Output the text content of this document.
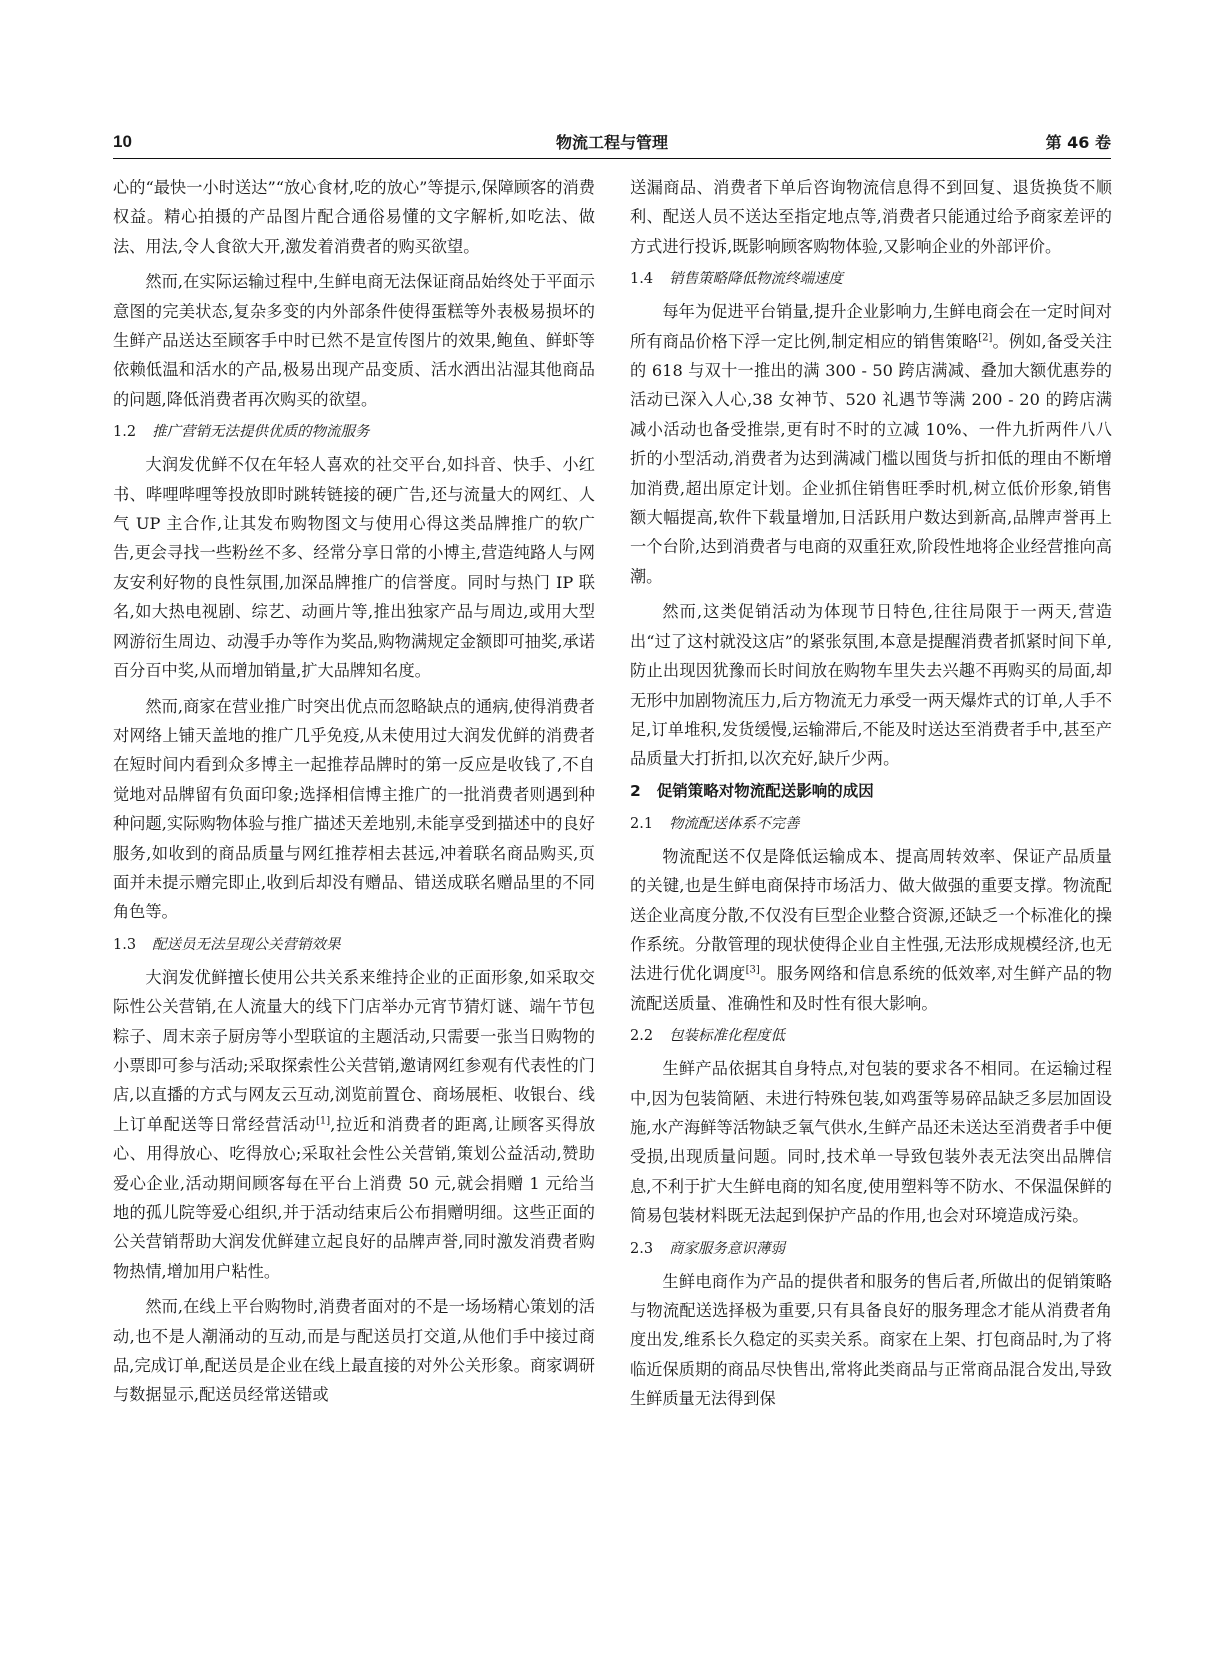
10	物流工程与管理	第 46 卷

心的“最快一小时送达”“放心食材,吃的放心”等提示,保障顾客的消费权益。精心拍摄的产品图片配合通俗易懂的文字解析,如吃法、做法、用法,令人食欲大开,激发着消费者的购买欲望。

然而,在实际运输过程中,生鲜电商无法保证商品始终处于平面示意图的完美状态,复杂多变的内外部条件使得蛋糕等外表极易损坏的生鲜产品送达至顾客手中时已然不是宣传图片的效果,鲍鱼、鲜虾等依赖低温和活水的产品,极易出现产品变质、活水洒出沾湿其他商品的问题,降低消费者再次购买的欲望。

1.2 推广营销无法提供优质的物流服务

大润发优鲜不仅在年轻人喜欢的社交平台,如抖音、快手、小红书、哔哩哔哩等投放即时跳转链接的硬广告,还与流量大的网红、人气 UP 主合作,让其发布购物图文与使用心得这类品牌推广的软广告,更会寻找一些粉丝不多、经常分享日常的小博主,营造纯路人与网友安利好物的良性氛围,加深品牌推广的信誉度。同时与热门 IP 联名,如大热电视剧、综艺、动画片等,推出独家产品与周边,或用大型网游衍生周边、动漫手办等作为奖品,购物满规定金额即可抽奖,承诺百分百中奖,从而增加销量,扩大品牌知名度。

然而,商家在营业推广时突出优点而忽略缺点的通病,使得消费者对网络上铺天盖地的推广几乎免疫,从未使用过大润发优鲜的消费者在短时间内看到众多博主一起推荐品牌时的第一反应是收钱了,不自觉地对品牌留有负面印象;选择相信博主推广的一批消费者则遇到种种问题,实际购物体验与推广描述天差地别,未能享受到描述中的良好服务,如收到的商品质量与网红推荐相去甚远,冲着联名商品购买,页面并未提示赠完即止,收到后却没有赠品、错送成联名赠品里的不同角色等。

1.3 配送员无法呈现公关营销效果

大润发优鲜擅长使用公共关系来维持企业的正面形象,如采取交际性公关营销,在人流量大的线下门店举办元宵节猜灯谜、端午节包粽子、周末亲子厨房等小型联谊的主题活动,只需要一张当日购物的小票即可参与活动;采取探索性公关营销,邀请网红参观有代表性的门店,以直播的方式与网友云互动,浏览前置仓、商场展柜、收银台、线上订单配送等日常经营活动[1],拉近和消费者的距离,让顾客买得放心、用得放心、吃得放心;采取社会性公关营销,策划公益活动,赞助爱心企业,活动期间顾客每在平台上消费 50 元,就会捐赠 1 元给当地的孤儿院等爱心组织,并于活动结束后公布捐赠明细。这些正面的公关营销帮助大润发优鲜建立起良好的品牌声誉,同时激发消费者购物热情,增加用户粘性。

然而,在线上平台购物时,消费者面对的不是一场场精心策划的活动,也不是人潮涌动的互动,而是与配送员打交道,从他们手中接过商品,完成订单,配送员是企业在线上最直接的对外公关形象。商家调研与数据显示,配送员经常送错或

送漏商品、消费者下单后咨询物流信息得不到回复、退货换货不顺利、配送人员不送达至指定地点等,消费者只能通过给予商家差评的方式进行投诉,既影响顾客购物体验,又影响企业的外部评价。

1.4 销售策略降低物流终端速度

每年为促进平台销量,提升企业影响力,生鲜电商会在一定时间对所有商品价格下浮一定比例,制定相应的销售策略[2]。例如,备受关注的 618 与双十一推出的满 300 - 50 跨店满减、叠加大额优惠券的活动已深入人心,38 女神节、520 礼遇节等满 200 - 20 的跨店满减小活动也备受推崇,更有时不时的立减 10%、一件九折两件八八折的小型活动,消费者为达到满减门槛以囤货与折扣低的理由不断增加消费,超出原定计划。企业抓住销售旺季时机,树立低价形象,销售额大幅提高,软件下载量增加,日活跃用户数达到新高,品牌声誉再上一个台阶,达到消费者与电商的双重狂欢,阶段性地将企业经营推向高潮。

然而,这类促销活动为体现节日特色,往往局限于一两天,营造出“过了这村就没这店”的紧张氛围,本意是提醒消费者抓紧时间下单,防止出现因犹豫而长时间放在购物车里失去兴趣不再购买的局面,却无形中加剧物流压力,后方物流无力承受一两天爆炸式的订单,人手不足,订单堆积,发货缓慢,运输滞后,不能及时送达至消费者手中,甚至产品质量大打折扣,以次充好,缺斤少两。

2 促销策略对物流配送影响的成因
2.1 物流配送体系不完善

物流配送不仅是降低运输成本、提高周转效率、保证产品质量的关键,也是生鲜电商保持市场活力、做大做强的重要支撑。物流配送企业高度分散,不仅没有巨型企业整合资源,还缺乏一个标准化的操作系统。分散管理的现状使得企业自主性强,无法形成规模经济,也无法进行优化调度[3]。服务网络和信息系统的低效率,对生鲜产品的物流配送质量、准确性和及时性有很大影响。

2.2 包装标准化程度低

生鲜产品依据其自身特点,对包装的要求各不相同。在运输过程中,因为包装简陋、未进行特殊包装,如鸡蛋等易碎品缺乏多层加固设施,水产海鲜等活物缺乏氧气供水,生鲜产品还未送达至消费者手中便受损,出现质量问题。同时,技术单一导致包装外表无法突出品牌信息,不利于扩大生鲜电商的知名度,使用塑料等不防水、不保温保鲜的简易包装材料既无法起到保护产品的作用,也会对环境造成污染。

2.3 商家服务意识薄弱

生鲜电商作为产品的提供者和服务的售后者,所做出的促销策略与物流配送选择极为重要,只有具备良好的服务理念才能从消费者角度出发,维系长久稳定的买卖关系。商家在上架、打包商品时,为了将临近保质期的商品尽快售出,常将此类商品与正常商品混合发出,导致生鲜质量无法得到保
